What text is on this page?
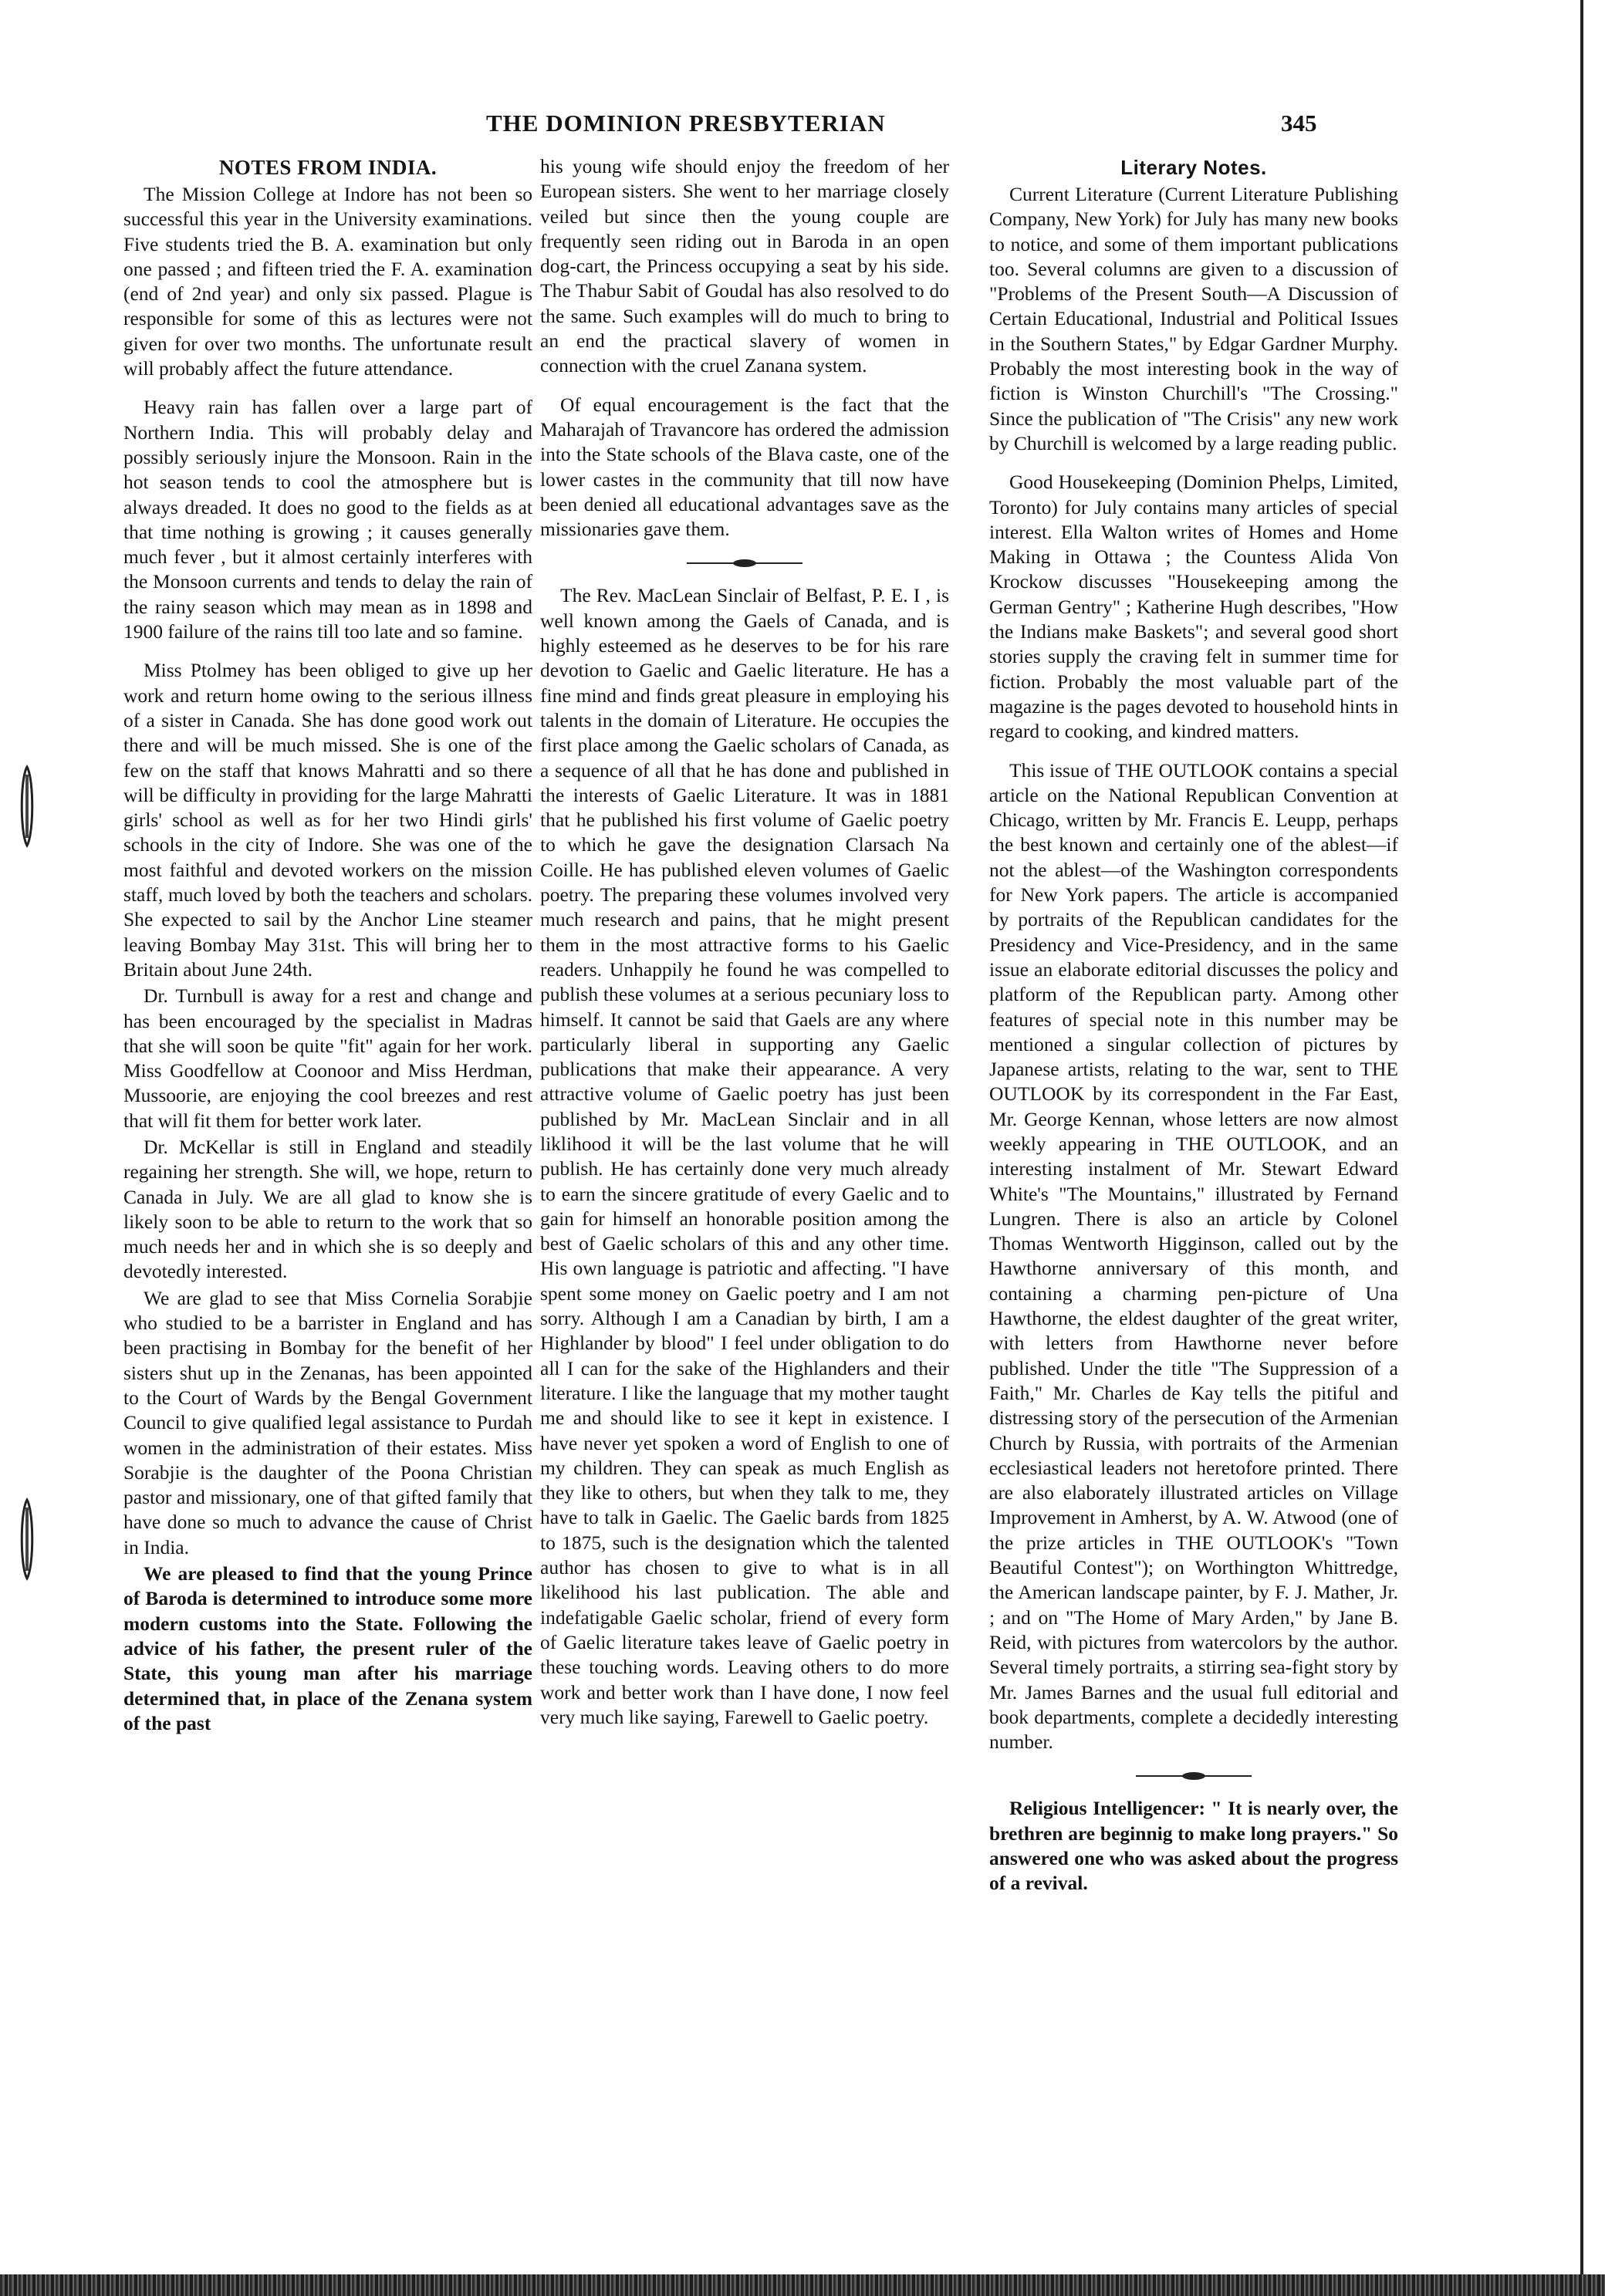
THE DOMINION PRESBYTERIAN	345
NOTES FROM INDIA.

The Mission College at Indore has not been so successful this year in the University examinations. Five students tried the B. A. examination but only one passed ; and fifteen tried the F. A. examination (end of 2nd year) and only six passed. Plague is responsible for some of this as lectures were not given for over two months. The unfortunate result will probably affect the future attendance.

Heavy rain has fallen over a large part of Northern India. This will probably delay and possibly seriously injure the Monsoon. Rain in the hot season tends to cool the atmosphere but is always dreaded. It does no good to the fields as at that time nothing is growing ; it causes generally much fever , but it almost certainly interferes with the Monsoon currents and tends to delay the rain of the rainy season which may mean as in 1898 and 1900 failure of the rains till too late and so famine.

Miss Ptolmey has been obliged to give up her work and return home owing to the serious illness of a sister in Canada. She has done good work out there and will be much missed. She is one of the few on the staff that knows Mahratti and so there will be difficulty in providing for the large Mahratti girls' school as well as for her two Hindi girls' schools in the city of Indore. She was one of the most faithful and devoted workers on the mission staff, much loved by both the teachers and scholars. She expected to sail by the Anchor Line steamer leaving Bombay May 31st. This will bring her to Britain about June 24th.

Dr. Turnbull is away for a rest and change and has been encouraged by the specialist in Madras that she will soon be quite "fit" again for her work. Miss Goodfellow at Coonoor and Miss Herdman, Mussoorie, are enjoying the cool breezes and rest that will fit them for better work later.

Dr. McKellar is still in England and steadily regaining her strength. She will, we hope, return to Canada in July. We are all glad to know she is likely soon to be able to return to the work that so much needs her and in which she is so deeply and devotedly interested.

We are glad to see that Miss Cornelia Sorabjie who studied to be a barrister in England and has been practising in Bombay for the benefit of her sisters shut up in the Zenanas, has been appointed to the Court of Wards by the Bengal Government Council to give qualified legal assistance to Purdah women in the administration of their estates. Miss Sorabjie is the daughter of the Poona Christian pastor and missionary, one of that gifted family that have done so much to advance the cause of Christ in India.

We are pleased to find that the young Prince of Baroda is determined to introduce some more modern customs into the State. Following the advice of his father, the present ruler of the State, this young man after his marriage determined that, in place of the Zenana system of the past

his young wife should enjoy the freedom of her European sisters. She went to her marriage closely veiled but since then the young couple are frequently seen riding out in Baroda in an open dog-cart, the Princess occupying a seat by his side. The Thabur Sabit of Goudal has also resolved to do the same. Such examples will do much to bring to an end the practical slavery of women in connection with the cruel Zanana system.

Of equal encouragement is the fact that the Maharajah of Travancore has ordered the admission into the State schools of the Blava caste, one of the lower castes in the community that till now have been denied all educational advantages save as the missionaries gave them.

The Rev. MacLean Sinclair of Belfast, P. E. I , is well known among the Gaels of Canada, and is highly esteemed as he deserves to be for his rare devotion to Gaelic and Gaelic literature. He has a fine mind and finds great pleasure in employing his talents in the domain of Literature. He occupies the first place among the Gaelic scholars of Canada, as a sequence of all that he has done and published in the interests of Gaelic Literature. It was in 1881 that he published his first volume of Gaelic poetry to which he gave the designation Clarsach Na Coille. He has published eleven volumes of Gaelic poetry. The preparing these volumes involved very much research and pains, that he might present them in the most attractive forms to his Gaelic readers. Unhappily he found he was compelled to publish these volumes at a serious pecuniary loss to himself. It cannot be said that Gaels are any where particularly liberal in supporting any Gaelic publications that make their appearance. A very attractive volume of Gaelic poetry has just been published by Mr. MacLean Sinclair and in all liklihood it will be the last volume that he will publish. He has certainly done very much already to earn the sincere gratitude of every Gaelic and to gain for himself an honorable position among the best of Gaelic scholars of this and any other time. His own language is patriotic and affecting. "I have spent some money on Gaelic poetry and I am not sorry. Although I am a Canadian by birth, I am a Highlander by blood" I feel under obligation to do all I can for the sake of the Highlanders and their literature. I like the language that my mother taught me and should like to see it kept in existence. I have never yet spoken a word of English to one of my children. They can speak as much English as they like to others, but when they talk to me, they have to talk in Gaelic. The Gaelic bards from 1825 to 1875, such is the designation which the talented author has chosen to give to what is in all likelihood his last publication. The able and indefatigable Gaelic scholar, friend of every form of Gaelic literature takes leave of Gaelic poetry in these touching words. Leaving others to do more work and better work than I have done, I now feel very much like saying, Farewell to Gaelic poetry.

Literary Notes.

Current Literature (Current Literature Publishing Company, New York) for July has many new books to notice, and some of them important publications too. Several columns are given to a discussion of "Problems of the Present South—A Discussion of Certain Educational, Industrial and Political Issues in the Southern States," by Edgar Gardner Murphy. Probably the most interesting book in the way of fiction is Winston Churchill's "The Crossing." Since the publication of "The Crisis" any new work by Churchill is welcomed by a large reading public.

Good Housekeeping (Dominion Phelps, Limited, Toronto) for July contains many articles of special interest. Ella Walton writes of Homes and Home Making in Ottawa ; the Countess Alida Von Krockow discusses "Housekeeping among the German Gentry" ; Katherine Hugh describes, "How the Indians make Baskets"; and several good short stories supply the craving felt in summer time for fiction. Probably the most valuable part of the magazine is the pages devoted to household hints in regard to cooking, and kindred matters.

This issue of THE OUTLOOK contains a special article on the National Republican Convention at Chicago, written by Mr. Francis E. Leupp, perhaps the best known and certainly one of the ablest—if not the ablest—of the Washington correspondents for New York papers. The article is accompanied by portraits of the Republican candidates for the Presidency and Vice-Presidency, and in the same issue an elaborate editorial discusses the policy and platform of the Republican party. Among other features of special note in this number may be mentioned a singular collection of pictures by Japanese artists, relating to the war, sent to THE OUTLOOK by its correspondent in the Far East, Mr. George Kennan, whose letters are now almost weekly appearing in THE OUTLOOK, and an interesting instalment of Mr. Stewart Edward White's "The Mountains," illustrated by Fernand Lungren. There is also an article by Colonel Thomas Wentworth Higginson, called out by the Hawthorne anniversary of this month, and containing a charming pen-picture of Una Hawthorne, the eldest daughter of the great writer, with letters from Hawthorne never before published. Under the title "The Suppression of a Faith," Mr. Charles de Kay tells the pitiful and distressing story of the persecution of the Armenian Church by Russia, with portraits of the Armenian ecclesiastical leaders not heretofore printed. There are also elaborately illustrated articles on Village Improvement in Amherst, by A. W. Atwood (one of the prize articles in THE OUTLOOK's "Town Beautiful Contest"); on Worthington Whittredge, the American landscape painter, by F. J. Mather, Jr. ; and on "The Home of Mary Arden," by Jane B. Reid, with pictures from watercolors by the author. Several timely portraits, a stirring sea-fight story by Mr. James Barnes and the usual full editorial and book departments, complete a decidedly interesting number.

Religious Intelligencer: " It is nearly over, the brethren are beginnig to make long prayers." So answered one who was asked about the progress of a revival.
